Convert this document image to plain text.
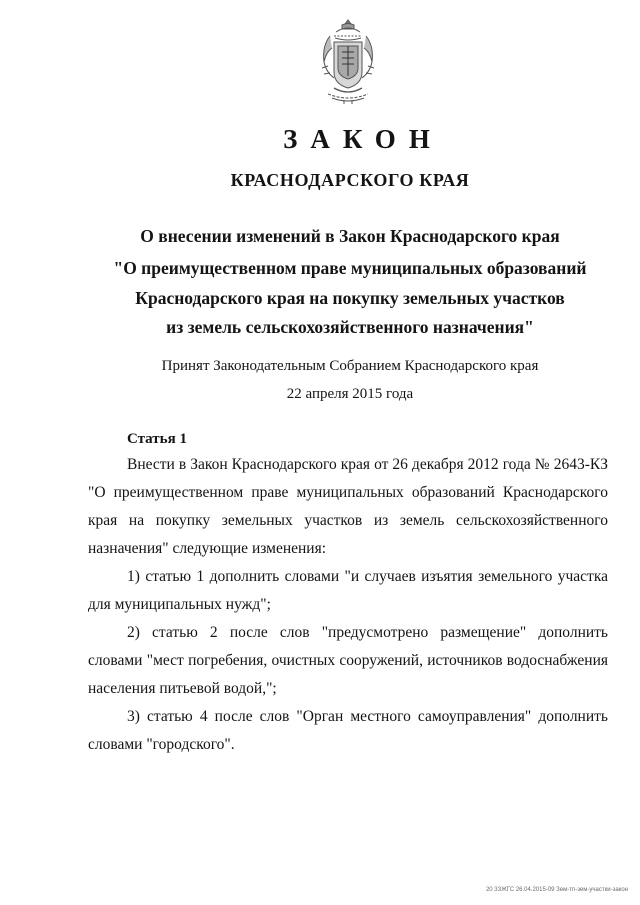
ЗАКОН
КРАСНОДАРСКОГО КРАЯ
О внесении изменений в Закон Краснодарского края
"О преимущественном праве муниципальных образований
Краснодарского края на покупку земельных участков
из земель сельскохозяйственного назначения"
Принят Законодательным Собранием Краснодарского края
22 апреля 2015 года
Статья 1

Внести в Закон Краснодарского края от 26 декабря 2012 года № 2643-КЗ

"О преимущественном праве муниципальных образований Краснодарского края на покупку земельных участков из земель сельскохозяйственного назначения" следующие изменения:

1) статью 1 дополнить словами "и случаев изъятия земельного участка для муниципальных нужд";

2) статью 2 после слов "предусмотрено размещение" дополнить словами "мест погребения, очистных сооружений, источников водоснабжения населения питьевой водой,";

3) статью 4 после слов "Орган местного самоуправления" дополнить словами "городского".

20 3ЗЖГС 26.04.2015-09 Зем-тп-зем-участки-закон
